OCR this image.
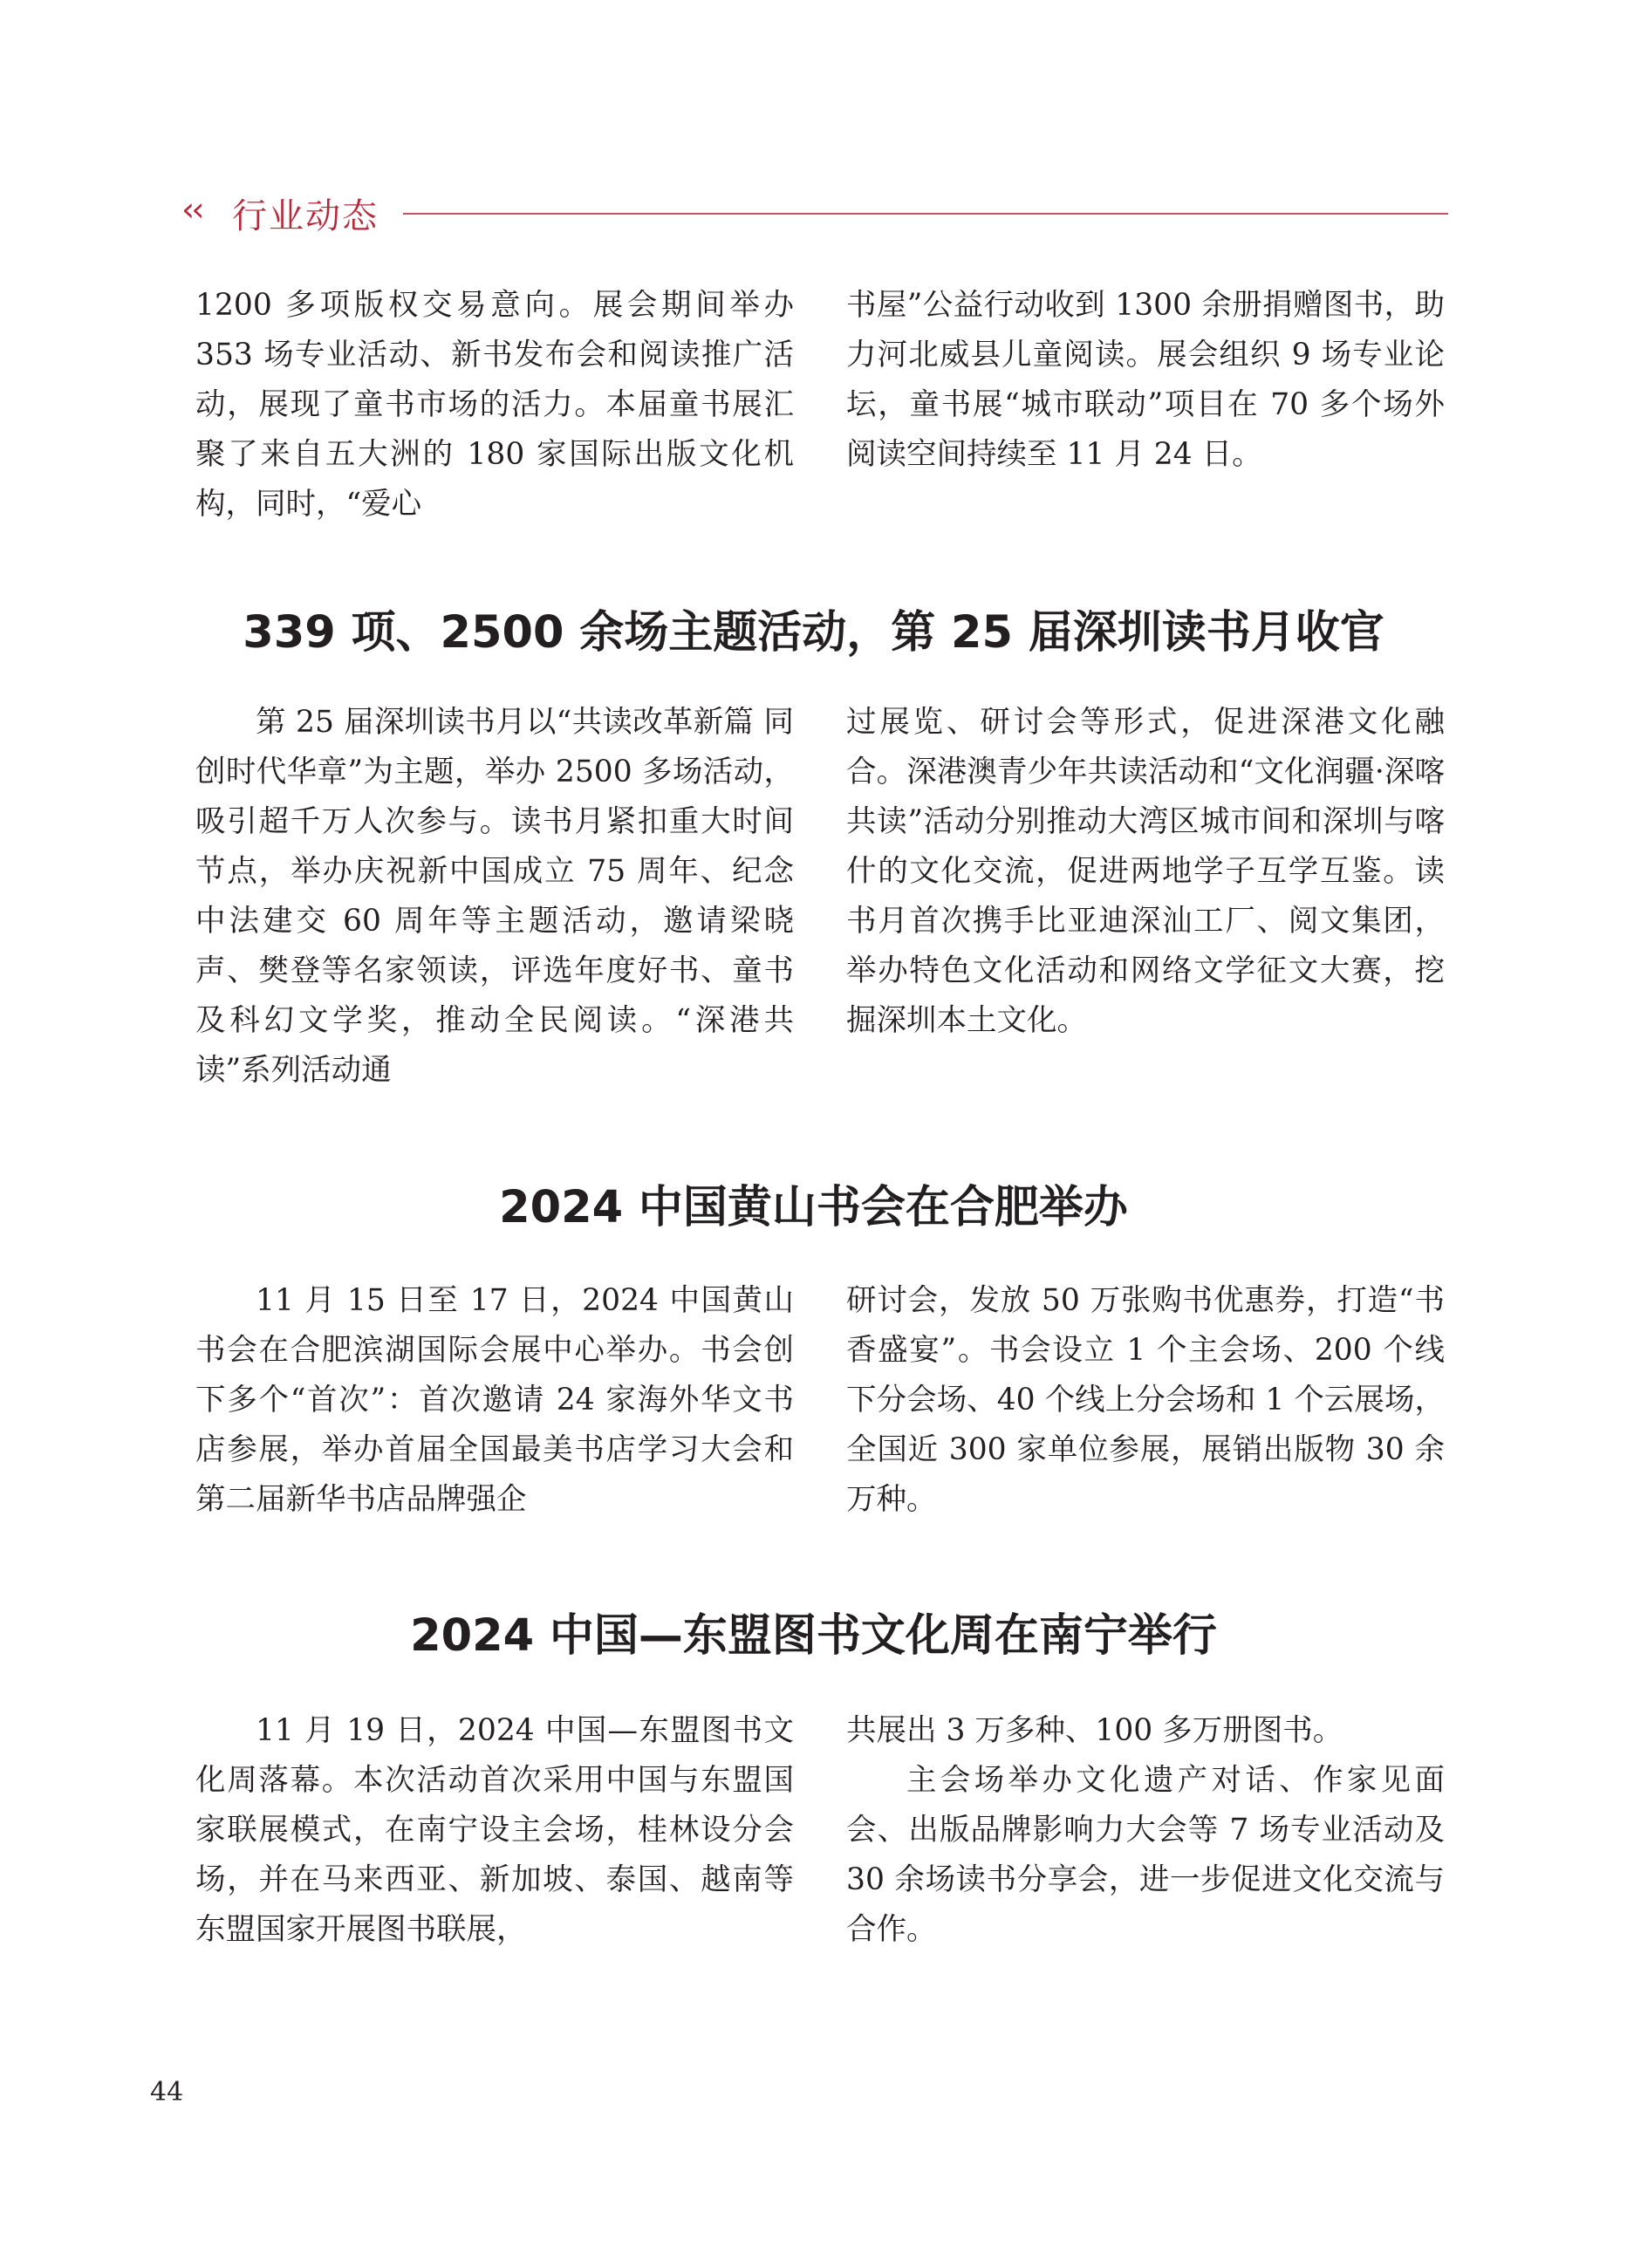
‹‹ 行业动态

1200 多项版权交易意向。展会期间举办 353 场专业活动、新书发布会和阅读推广活动，展现了童书市场的活力。本届童书展汇聚了来自五大洲的 180 家国际出版文化机构，同时，“爱心

书屋”公益行动收到 1300 余册捐赠图书，助力河北威县儿童阅读。展会组织 9 场专业论坛，童书展“城市联动”项目在 70 多个场外阅读空间持续至 11 月 24 日。

339 项、2500 余场主题活动，第 25 届深圳读书月收官

第 25 届深圳读书月以“共读改革新篇 同创时代华章”为主题，举办 2500 多场活动，吸引超千万人次参与。读书月紧扣重大时间节点，举办庆祝新中国成立 75 周年、纪念中法建交 60 周年等主题活动，邀请梁晓声、樊登等名家领读，评选年度好书、童书及科幻文学奖，推动全民阅读。“深港共读”系列活动通

过展览、研讨会等形式，促进深港文化融合。深港澳青少年共读活动和“文化润疆·深喀共读”活动分别推动大湾区城市间和深圳与喀什的文化交流，促进两地学子互学互鉴。读书月首次携手比亚迪深汕工厂、阅文集团，举办特色文化活动和网络文学征文大赛，挖掘深圳本土文化。

2024 中国黄山书会在合肥举办

11 月 15 日至 17 日，2024 中国黄山书会在合肥滨湖国际会展中心举办。书会创下多个“首次”：首次邀请 24 家海外华文书店参展，举办首届全国最美书店学习大会和第二届新华书店品牌强企

研讨会，发放 50 万张购书优惠券，打造“书香盛宴”。书会设立 1 个主会场、200 个线下分会场、40 个线上分会场和 1 个云展场，全国近 300 家单位参展，展销出版物 30 余万种。

2024 中国—东盟图书文化周在南宁举行

11 月 19 日，2024 中国—东盟图书文化周落幕。本次活动首次采用中国与东盟国家联展模式，在南宁设主会场，桂林设分会场，并在马来西亚、新加坡、泰国、越南等东盟国家开展图书联展，

共展出 3 万多种、100 多万册图书。

主会场举办文化遗产对话、作家见面会、出版品牌影响力大会等 7 场专业活动及 30 余场读书分享会，进一步促进文化交流与合作。

44
